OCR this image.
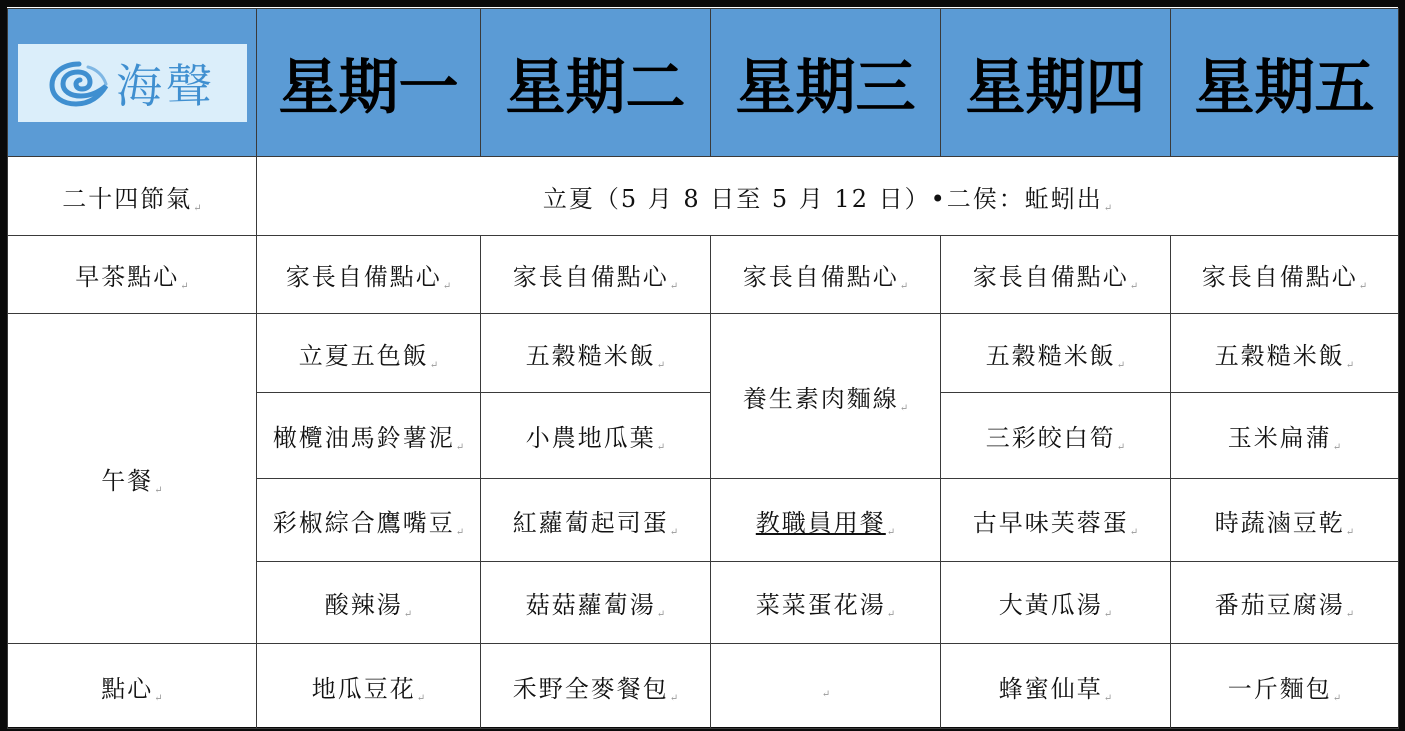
海聲	星期一	星期二	星期三	星期四	星期五
二十四節氣↵	立夏（5 月 8 日至 5 月 12 日）•二侯：蚯蚓出↵				
早茶點心↵	家長自備點心↵	家長自備點心↵	家長自備點心↵	家長自備點心↵	家長自備點心↵
午餐↵	立夏五色飯↵	五穀糙米飯↵	養生素肉麵線↵	五穀糙米飯↵	五穀糙米飯↵
	橄欖油馬鈴薯泥↵	小農地瓜葉↵		三彩皎白筍↵	玉米扁蒲↵
	彩椒綜合鷹嘴豆↵	紅蘿蔔起司蛋↵	教職員用餐↵	古早味芙蓉蛋↵	時蔬滷豆乾↵
	酸辣湯↵	菇菇蘿蔔湯↵	菜菜蛋花湯↵	大黃瓜湯↵	番茄豆腐湯↵
點心↵	地瓜豆花↵	禾野全麥餐包↵	↵	蜂蜜仙草↵	一斤麵包↵
